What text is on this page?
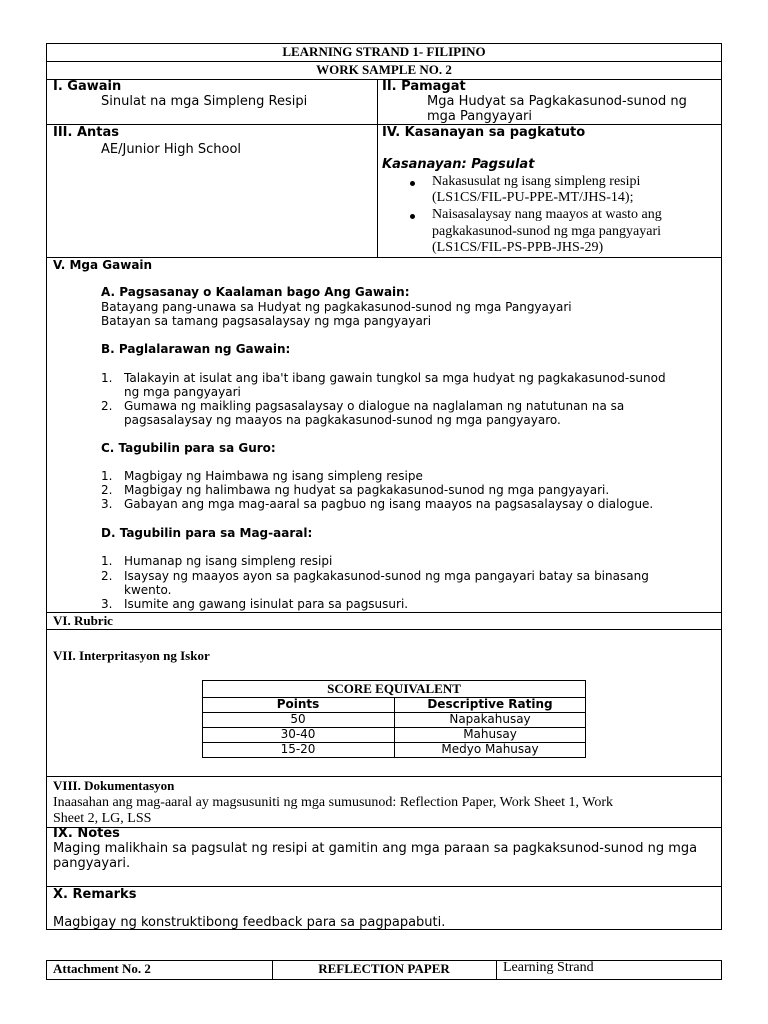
LEARNING STRAND 1- FILIPINO
WORK SAMPLE NO. 2
I. Gawain
Sinulat na mga Simpleng Resipi
II. Pamagat
Mga Hudyat sa Pagkakasunod-sunod ng
mga Pangyayari
III. Antas
AE/Junior High School
IV. Kasanayan sa pagkatuto
Kasanayan: Pagsulat
Nakasusulat ng isang simpleng resipi
(LS1CS/FIL-PU-PPE-MT/JHS-14);
Naisasalaysay nang maayos at wasto ang
pagkakasunod-sunod ng mga pangyayari
(LS1CS/FIL-PS-PPB-JHS-29)
V. Mga Gawain
A. Pagsasanay o Kaalaman bago Ang Gawain:
Batayang pang-unawa sa Hudyat ng pagkakasunod-sunod ng mga Pangyayari
Batayan sa tamang pagsasalaysay ng mga pangyayari
B. Paglalarawan ng Gawain:
1. Talakayin at isulat ang iba't ibang gawain tungkol sa mga hudyat ng pagkakasunod-sunod
ng mga pangyayari
2. Gumawa ng maikling pagsasalaysay o dialogue na naglalaman ng natutunan na sa
pagsasalaysay ng maayos na pagkakasunod-sunod ng mga pangyayaro.
C. Tagubilin para sa Guro:
1. Magbigay ng Haimbawa ng isang simpleng resipe
2. Magbigay ng halimbawa ng hudyat sa pagkakasunod-sunod ng mga pangyayari.
3. Gabayan ang mga mag-aaral sa pagbuo ng isang maayos na pagsasalaysay o dialogue.
D. Tagubilin para sa Mag-aaral:
1. Humanap ng isang simpleng resipi
2. Isaysay ng maayos ayon sa pagkakasunod-sunod ng mga pangayari batay sa binasang
kwento.
3. Isumite ang gawang isinulat para sa pagsusuri.
VI. Rubric
VII. Interpritasyon ng Iskor
SCORE EQUIVALENT
Points	Descriptive Rating
50	Napakahusay
30-40	Mahusay
15-20	Medyo Mahusay
VIII. Dokumentasyon
Inaasahan ang mag-aaral ay magsusuniti ng mga sumusunod: Reflection Paper, Work Sheet 1, Work
Sheet 2, LG, LSS
IX. Notes
Maging malikhain sa pagsulat ng resipi at gamitin ang mga paraan sa pagkaksunod-sunod ng mga
pangyayari.
X. Remarks
Magbigay ng konstruktibong feedback para sa pagpapabuti.
Attachment No. 2	REFLECTION PAPER	Learning Strand
